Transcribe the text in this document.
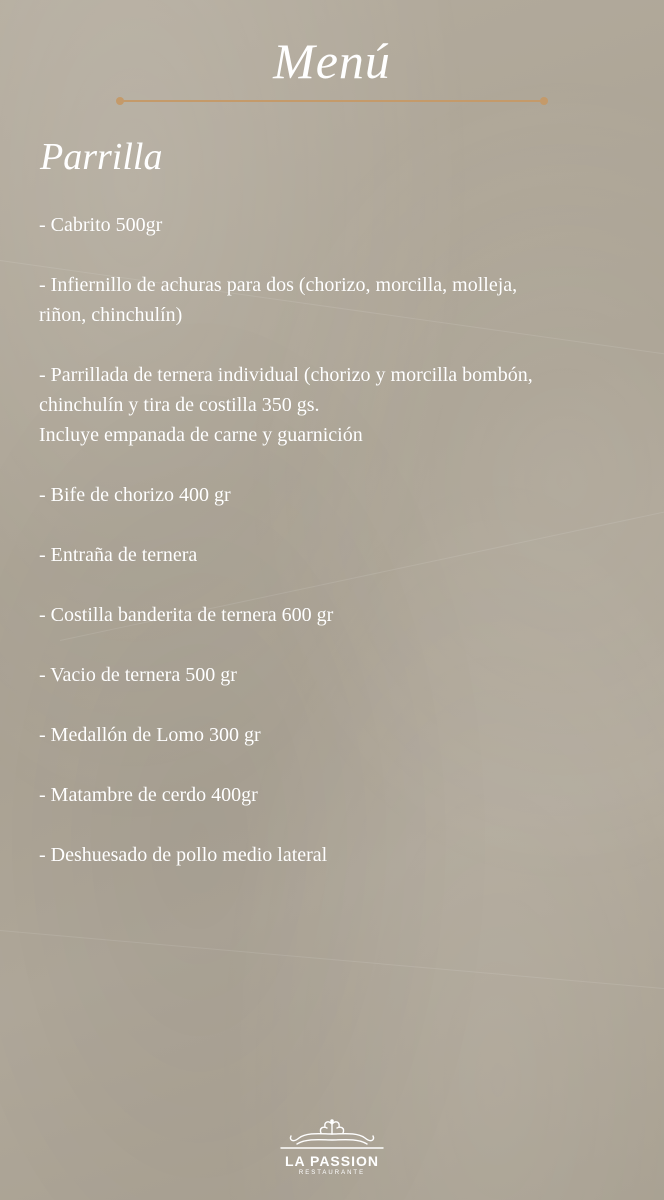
Menú
Parrilla
- Cabrito 500gr
- Infiernillo de achuras para dos (chorizo, morcilla, molleja,
riñon, chinchulín)
- Parrillada de ternera individual (chorizo y morcilla bombón,
chinchulín y tira de costilla 350 gs.
Incluye empanada de carne y guarnición
- Bife de chorizo 400 gr
- Entraña de ternera
- Costilla banderita de ternera 600 gr
- Vacio de ternera 500 gr
- Medallón de Lomo 300 gr
- Matambre de cerdo 400gr
- Deshuesado de pollo medio lateral
LA PASSION
RESTAURANTE
